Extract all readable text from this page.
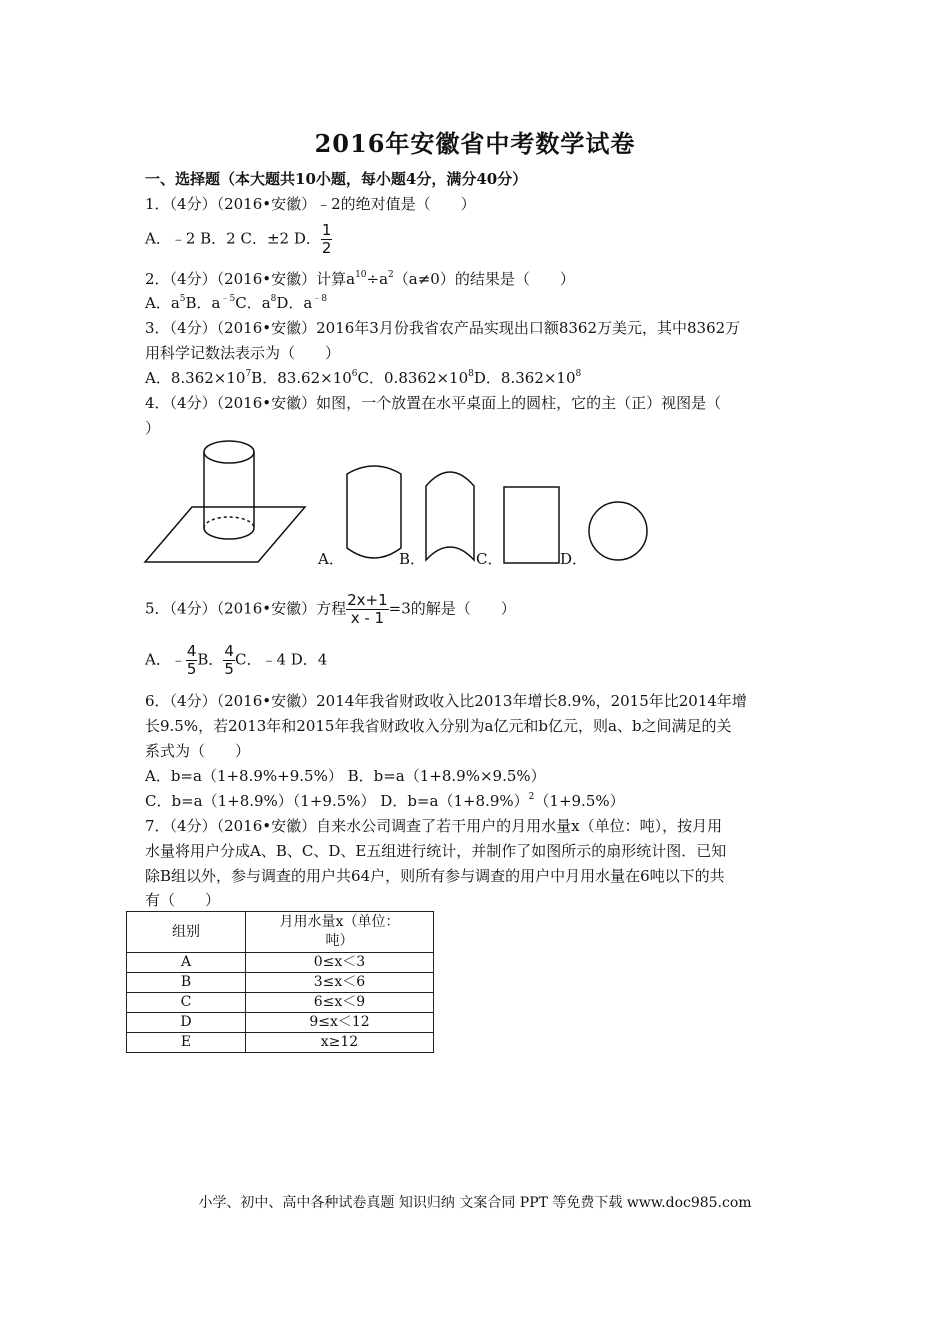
2016年安徽省中考数学试卷
一、选择题（本大题共10小题，每小题4分，满分40分）
1．（4分）（2016•安徽）﹣2的绝对值是（　　）
A．﹣2 B．2 C．±2 D． $\frac{1}{2}$
2．（4分）（2016•安徽）计算$a^{10}\div a^2(a\ne 0)$的结果是（　　）
A．$a^5B$．$a^{﹣5}C$．$a^8D$．$a^{﹣8}$
3．（4分）（2016•安徽）2016年3月份我省农产品实现出口额8362万美元，其中8362万
用科学记数法表示为（　　）
A．$8.362\times 10^7B$．$83.62\times 10^6C$．$0.8362\times 10^8D$．$8.362\times 10^8$
4．（4分）（2016•安徽）如图，一个放置在水平桌面上的圆柱，它的主（正）视图是（
）
A．	B．	C．	D．
5．（4分）（2016•安徽）方程 $\frac{2x+1}{x - 1} =3$的解是（　　）
A．﹣ $\frac{4}{5}$ B． $\frac{4}{5}$ C．﹣4 D．4
6．（4分）（2016•安徽）2014年我省财政收入比2013年增长8.9%，2015年比2014年增
长9.5%，若2013年和2015年我省财政收入分别为a亿元和b亿元，则a、b之间满足的关
系式为（　　）
A．b=a（1+8.9%+9.5%） B．b=a（1+8.9%×9.5%）
C．b=a（1+8.9%）（1+9.5%） D．$b=a(1+8.9\%)^2(1+9.5\%)$
7．（4分）（2016•安徽）自来水公司调查了若干用户的月用水量x（单位：吨），按月用
水量将用户分成A、B、C、D、E五组进行统计，并制作了如图所示的扇形统计图．已知
除B组以外，参与调查的用户共64户，则所有参与调查的用户中月用水量在6吨以下的共
有（　　）
组别	月用水量x（单位：
吨）

A	0≤x＜3
B	3≤x＜6
C	6≤x＜9
D	9≤x＜12
E	x≥12
小学、初中、高中各种试卷真题 知识归纳 文案合同 PPT 等免费下载 www.doc985.com
